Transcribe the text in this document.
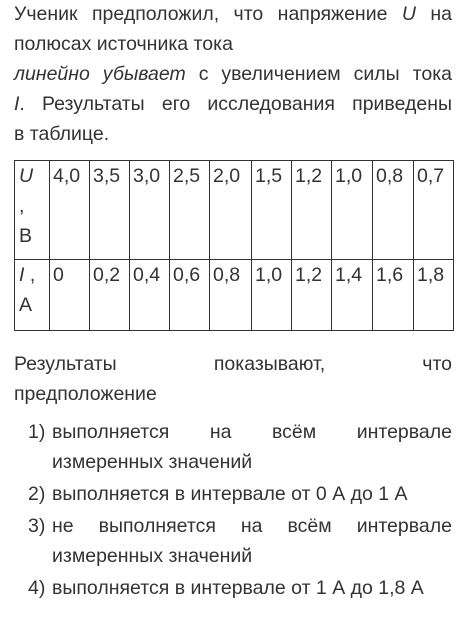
Ученик предположил, что напряжение U на
полюсах источника тока
линейно убывает с увеличением силы тока
I. Результаты его исследования приведены
в таблице.
U
,
В	4,0	3,5	3,0	2,5	2,0	1,5	1,2	1,0	0,8	0,7
I ,
А	0	0,2	0,4	0,6	0,8	1,0	1,2	1,4	1,6	1,8
Результаты	показывают,	что
предположение
1) выполняется на всём интервале
измеренных значений
2) выполняется в интервале от 0 А до 1 А
3) не выполняется на всём интервале
измеренных значений
4) выполняется в интервале от 1 А до 1,8 А
